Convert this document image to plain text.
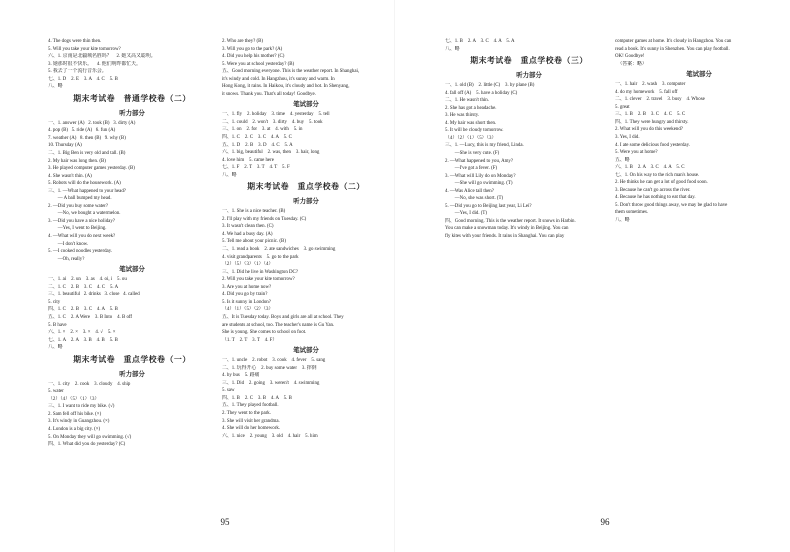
4. The dogs were thin then.
5. Will you take your kite tomorrow?
六、1. 京南是北疆城名胜吗？    2. 她又高又聪明。
3. 她那时很不快乐。    4. 他们明昨都忙天。
5. 我去了一个流行音乐会。
七、1. D    2. E    3. A    4. C    5. B
八、略
期末考试卷　普通学校卷（二）
听力部分
一、1. answer (A)   2. took (B)   3. dirty (A)
4. pop (B)   5. ride (A)   6. fun (A)
7. weather (A)   8. then (B)   9. why (B)
10. Thursday (A)
二、1. Big Ben is very old and tall. (B)
2. My hair was long then. (B)
3. He played computer games yesterday. (B)
4. She wasn't thin. (A)
5. Robots will do the housework. (A)
三、1. —What happened to your head?
　　— A ball bumped my head.
2. —Did you buy some water?
　　—No, we bought a watermelon.
3. —Did you have a nice holiday?
　　—Yes, I went to Beijing.
4. —What will you do next week?
　　—I don't know.
5. —I cooked noodles yesterday.
　　—Oh, really?
笔试部分
一、1. ai    2. un    3. as    4. oi, i    5. ou
二、1. C    2. B    3. C    4. C    5. A
三、1. beautiful   2. drinks   3. close   4. called
5. city
四、1. C    2. B    3. C    4. A    5. B
五、1. C    2. A Were    3. B Into    4. B off
5. B have
六、1. ×    2. ×    3. ×    4. √    5. ×
七、1. A    2. A    3. B    4. B    5. B
八、略
期末考试卷　重点学校卷（一）
听力部分
一、1. city    2. cook    3. cloudy    4. ship
5. water
（2）（4）（5）（1）（3）
三、1. I want to ride my bike. (√)
2. Sam fell off his bike. (×)
3. It's windy in Guangzhou. (×)
4. London is a big city. (×)
5. On Monday they will go swimming. (√)
四、1. What did you do yesterday? (C)
2. Who are they? (B)
3. Will you go to the park? (A)
4. Did you help his mother? (C)
5. Were you at school yesterday? (B)
五、Good morning everyone. This is the weather report. In Shanghai,
it's windy and cold. In Hangzhou, it's sunny and warm. In
Hong Kong, it rains. In Haikou, it's cloudy and hot. In Shenyang,
it snows. Thank you. That's all today! Goodbye.
笔试部分
一、1. fly    2. holiday    3. time    4. yesterday    5. tell
二、1. could    2. won't    3. dirty    4. buy    5. took
三、1. on    2. for    3. at    4. with    5. in
四、1. C    2. C    3. C    4. A    5. C
五、1. D    2. B    3. D    4. C    5. A
六、1. big, beautiful    2. was, then    3. hair, long
4. love him    5. came here
七、1. F    2. T    3. T    4. T    5. F
八、略
期末考试卷　重点学校卷（二）
听力部分
一、1. She is a nice teacher. (B)
2. I'll play with my friends on Tuesday. (C)
3. It wasn't clean then. (C)
4. We had a busy day. (A)
5. Tell me about your picnic. (B)
二、1. read a book    2. ate sandwiches    3. go swimming
4. visit grandparents    5. go to the park
（2）（5）（3）（1）（4）
三、1. Did he live in Washington DC?
2. Will you take your kite tomorrow?
3. Are you at home now?
4. Did you go by train?
5. Is it sunny in London?
（4）（1）（5）（2）（3）
五、It is Tuesday today. Boys and girls are all at school. They
are students at school, too. The teacher's name is Gu Yan.
She is young. She comes to school on foot.
（1. T    2. T    3. T    4. F）
笔试部分
一、1. uncle    2. robot    3. cook    4. fever    5. sang
二、1. 玩得开心    2. buy some water    3. 摔倒
4. by bus    5. 路痛
三、1. Did    2. going    3. weren't    4. swimming
5. saw
四、1. B    2. C    3. B    4. A    5. B
五、1. They played football.
2. They went to the park.
3. She will visit her grandma.
4. She will do her homework.
六、1. nice    2. young    3. old    4. hair    5. him
95
七、1. B    2. A    3. C    4. A    5. A
八、略
期末考试卷　重点学校卷（三）
听力部分
一、1. old (B)    2. little (C)    3. by plane (B)
4. fall off (A)    5. have a holiday (C)
二、1. He wasn't thin.
2. She has got a headache.
3. He was thirsty.
4. My hair was short then.
5. It will be cloudy tomorrow.
（4）（2）（1）（5）（3）
三、1. —Lucy, this is my friend, Linda.
　　—She is very cute. (F)
2. —What happened to you, Amy?
　　—I've got a fever. (F)
3. —What will Lily do on Monday?
　　—She will go swimming. (T)
4. —Was Alice tall then?
　　—No, she was short. (T)
5. —Did you go to Beijing last year, Li Lei?
　　—Yes, I did. (T)
四、Good morning. This is the weather report. It snows in Harbin.
You can make a snowman today. It's windy in Beijing. You can
fly kites with your friends. It rains in Shanghai. You can play
computer games at home. It's cloudy in Hangzhou. You can
read a book. It's sunny in Shenzhen. You can play football.
OK! Goodbye!
　（答案：略）
笔试部分
一、1. hair    2. wash    3. computer
4. do my homework    5. fall off
二、1. clever    2. travel    3. busy    4. Whose
5. great
三、1. B    2. B    3. C    4. C    5. C
四、1. They were hungry and thirsty.
2. What will you do this weekend?
3. Yes, I did.
4. I ate some delicious food yesterday.
5. Were you at home?
五、略
六、1. B    2. A    3. C    4. A    5. C
七、1. On his way to the rich man's house.
2. He thinks he can get a lot of good food soon.
3. Because he can't go across the river.
4. Because he has nothing to eat that day.
5. Don't throw good things away, we may be glad to have
them sometimes.
八、略
96
